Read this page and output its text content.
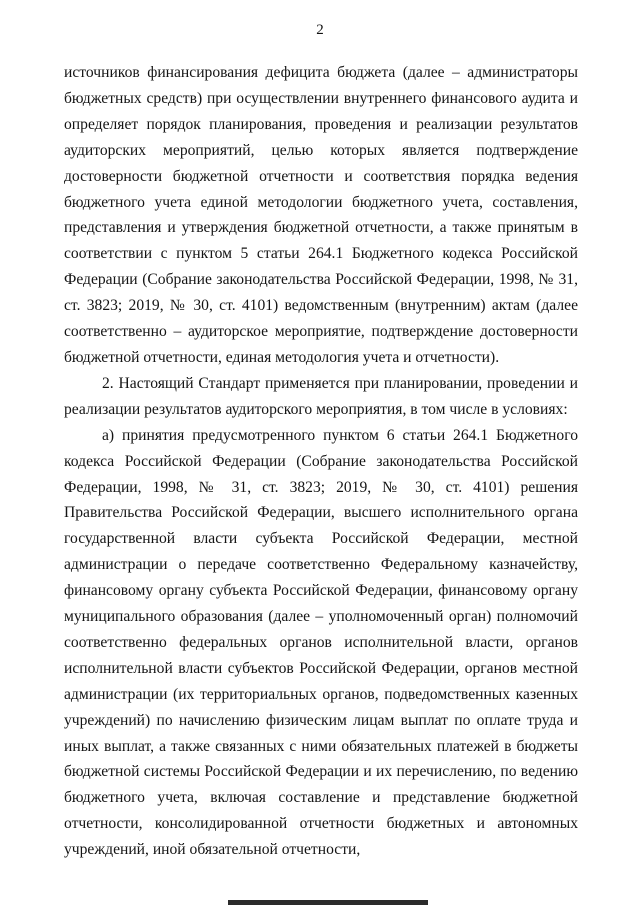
2

источников финансирования дефицита бюджета (далее – администраторы бюджетных средств) при осуществлении внутреннего финансового аудита и определяет порядок планирования, проведения и реализации результатов аудиторских мероприятий, целью которых является подтверждение достоверности бюджетной отчетности и соответствия порядка ведения бюджетного учета единой методологии бюджетного учета, составления, представления и утверждения бюджетной отчетности, а также принятым в соответствии с пунктом 5 статьи 264.1 Бюджетного кодекса Российской Федерации (Собрание законодательства Российской Федерации, 1998, № 31, ст. 3823; 2019, № 30, ст. 4101) ведомственным (внутренним) актам (далее соответственно – аудиторское мероприятие, подтверждение достоверности бюджетной отчетности, единая методология учета и отчетности).

2. Настоящий Стандарт применяется при планировании, проведении и реализации результатов аудиторского мероприятия, в том числе в условиях:

а) принятия предусмотренного пунктом 6 статьи 264.1 Бюджетного кодекса Российской Федерации (Собрание законодательства Российской Федерации, 1998, № 31, ст. 3823; 2019, № 30, ст. 4101) решения Правительства Российской Федерации, высшего исполнительного органа государственной власти субъекта Российской Федерации, местной администрации о передаче соответственно Федеральному казначейству, финансовому органу субъекта Российской Федерации, финансовому органу муниципального образования (далее – уполномоченный орган) полномочий соответственно федеральных органов исполнительной власти, органов исполнительной власти субъектов Российской Федерации, органов местной администрации (их территориальных органов, подведомственных казенных учреждений) по начислению физическим лицам выплат по оплате труда и иных выплат, а также связанных с ними обязательных платежей в бюджеты бюджетной системы Российской Федерации и их перечислению, по ведению бюджетного учета, включая составление и представление бюджетной отчетности, консолидированной отчетности бюджетных и автономных учреждений, иной обязательной отчетности,
